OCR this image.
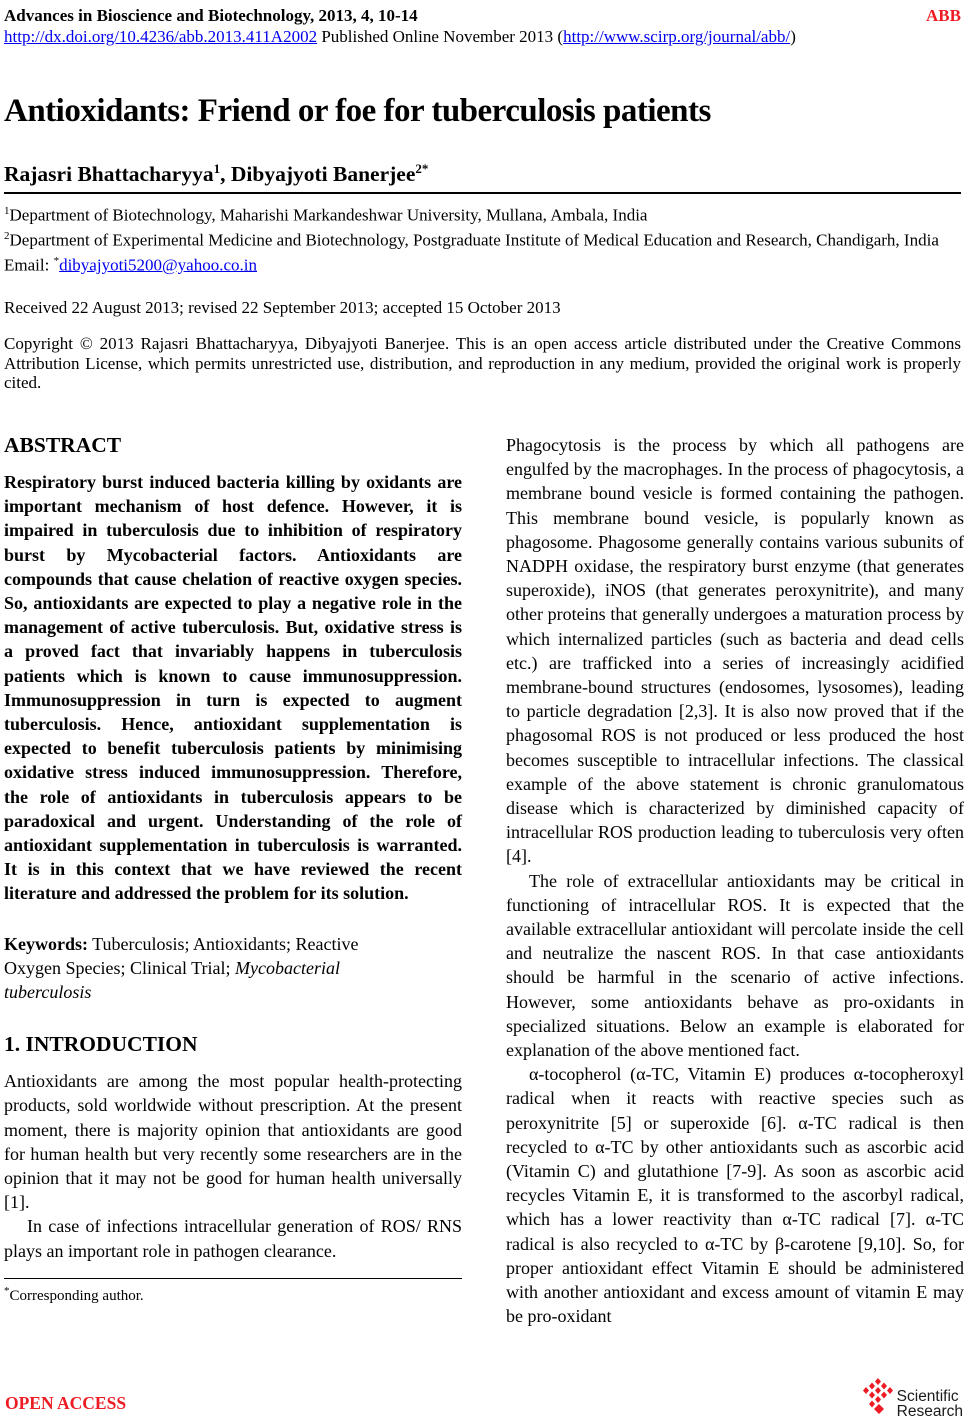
Advances in Bioscience and Biotechnology, 2013, 4, 10-14	ABB
http://dx.doi.org/10.4236/abb.2013.411A2002 Published Online November 2013 (http://www.scirp.org/journal/abb/)
Antioxidants: Friend or foe for tuberculosis patients
Rajasri Bhattacharyya$^1$, Dibyajyoti Banerjee$^{2*}$
$^1$Department of Biotechnology, Maharishi Markandeshwar University, Mullana, Ambala, India
$^2$Department of Experimental Medicine and Biotechnology, Postgraduate Institute of Medical Education and Research, Chandigarh, India
Email: *dibyajyoti5200@yahoo.co.in
Received 22 August 2013; revised 22 September 2013; accepted 15 October 2013
Copyright © 2013 Rajasri Bhattacharyya, Dibyajyoti Banerjee. This is an open access article distributed under the Creative Commons Attribution License, which permits unrestricted use, distribution, and reproduction in any medium, provided the original work is properly cited.
ABSTRACT

Respiratory burst induced bacteria killing by oxidants are important mechanism of host defence. However, it is impaired in tuberculosis due to inhibition of respiratory burst by Mycobacterial factors. Antioxidants are compounds that cause chelation of reactive oxygen species. So, antioxidants are expected to play a negative role in the management of active tuberculosis. But, oxidative stress is a proved fact that invariably happens in tuberculosis patients which is known to cause immunosuppression. Immunosuppression in turn is expected to augment tuberculosis. Hence, antioxidant supplementation is expected to benefit tuberculosis patients by minimising oxidative stress induced immunosuppression. Therefore, the role of antioxidants in tuberculosis appears to be paradoxical and urgent. Understanding of the role of antioxidant supplementation in tuberculosis is warranted. It is in this context that we have reviewed the recent literature and addressed the problem for its solution.

Keywords: Tuberculosis; Antioxidants; Reactive Oxygen Species; Clinical Trial; Mycobacterial tuberculosis
1. INTRODUCTION

Antioxidants are among the most popular health-protecting products, sold worldwide without prescription. At the present moment, there is majority opinion that antioxidants are good for human health but very recently some researchers are in the opinion that it may not be good for human health universally [1].

In case of infections intracellular generation of ROS/ RNS plays an important role in pathogen clearance.

*Corresponding author.

Phagocytosis is the process by which all pathogens are engulfed by the macrophages. In the process of phagocytosis, a membrane bound vesicle is formed containing the pathogen. This membrane bound vesicle, is popularly known as phagosome. Phagosome generally contains various subunits of NADPH oxidase, the respiratory burst enzyme (that generates superoxide), iNOS (that generates peroxynitrite), and many other proteins that generally undergoes a maturation process by which internalized particles (such as bacteria and dead cells etc.) are trafficked into a series of increasingly acidified membrane-bound structures (endosomes, lysosomes), leading to particle degradation [2,3]. It is also now proved that if the phagosomal ROS is not produced or less produced the host becomes susceptible to intracellular infections. The classical example of the above statement is chronic granulomatous disease which is characterized by diminished capacity of intracellular ROS production leading to tuberculosis very often [4].

The role of extracellular antioxidants may be critical in functioning of intracellular ROS. It is expected that the available extracellular antioxidant will percolate inside the cell and neutralize the nascent ROS. In that case antioxidants should be harmful in the scenario of active infections. However, some antioxidants behave as pro-oxidants in specialized situations. Below an example is elaborated for explanation of the above mentioned fact.

α-tocopherol (α-TC, Vitamin E) produces α-tocopheroxyl radical when it reacts with reactive species such as peroxynitrite [5] or superoxide [6]. α-TC radical is then recycled to α-TC by other antioxidants such as ascorbic acid (Vitamin C) and glutathione [7-9]. As soon as ascorbic acid recycles Vitamin E, it is transformed to the ascorbyl radical, which has a lower reactivity than α-TC radical [7]. α-TC radical is also recycled to α-TC by β-carotene [9,10]. So, for proper antioxidant effect Vitamin E should be administered with another antioxidant and excess amount of vitamin E may be pro-oxidant

OPEN ACCESS	Scientific
Research
